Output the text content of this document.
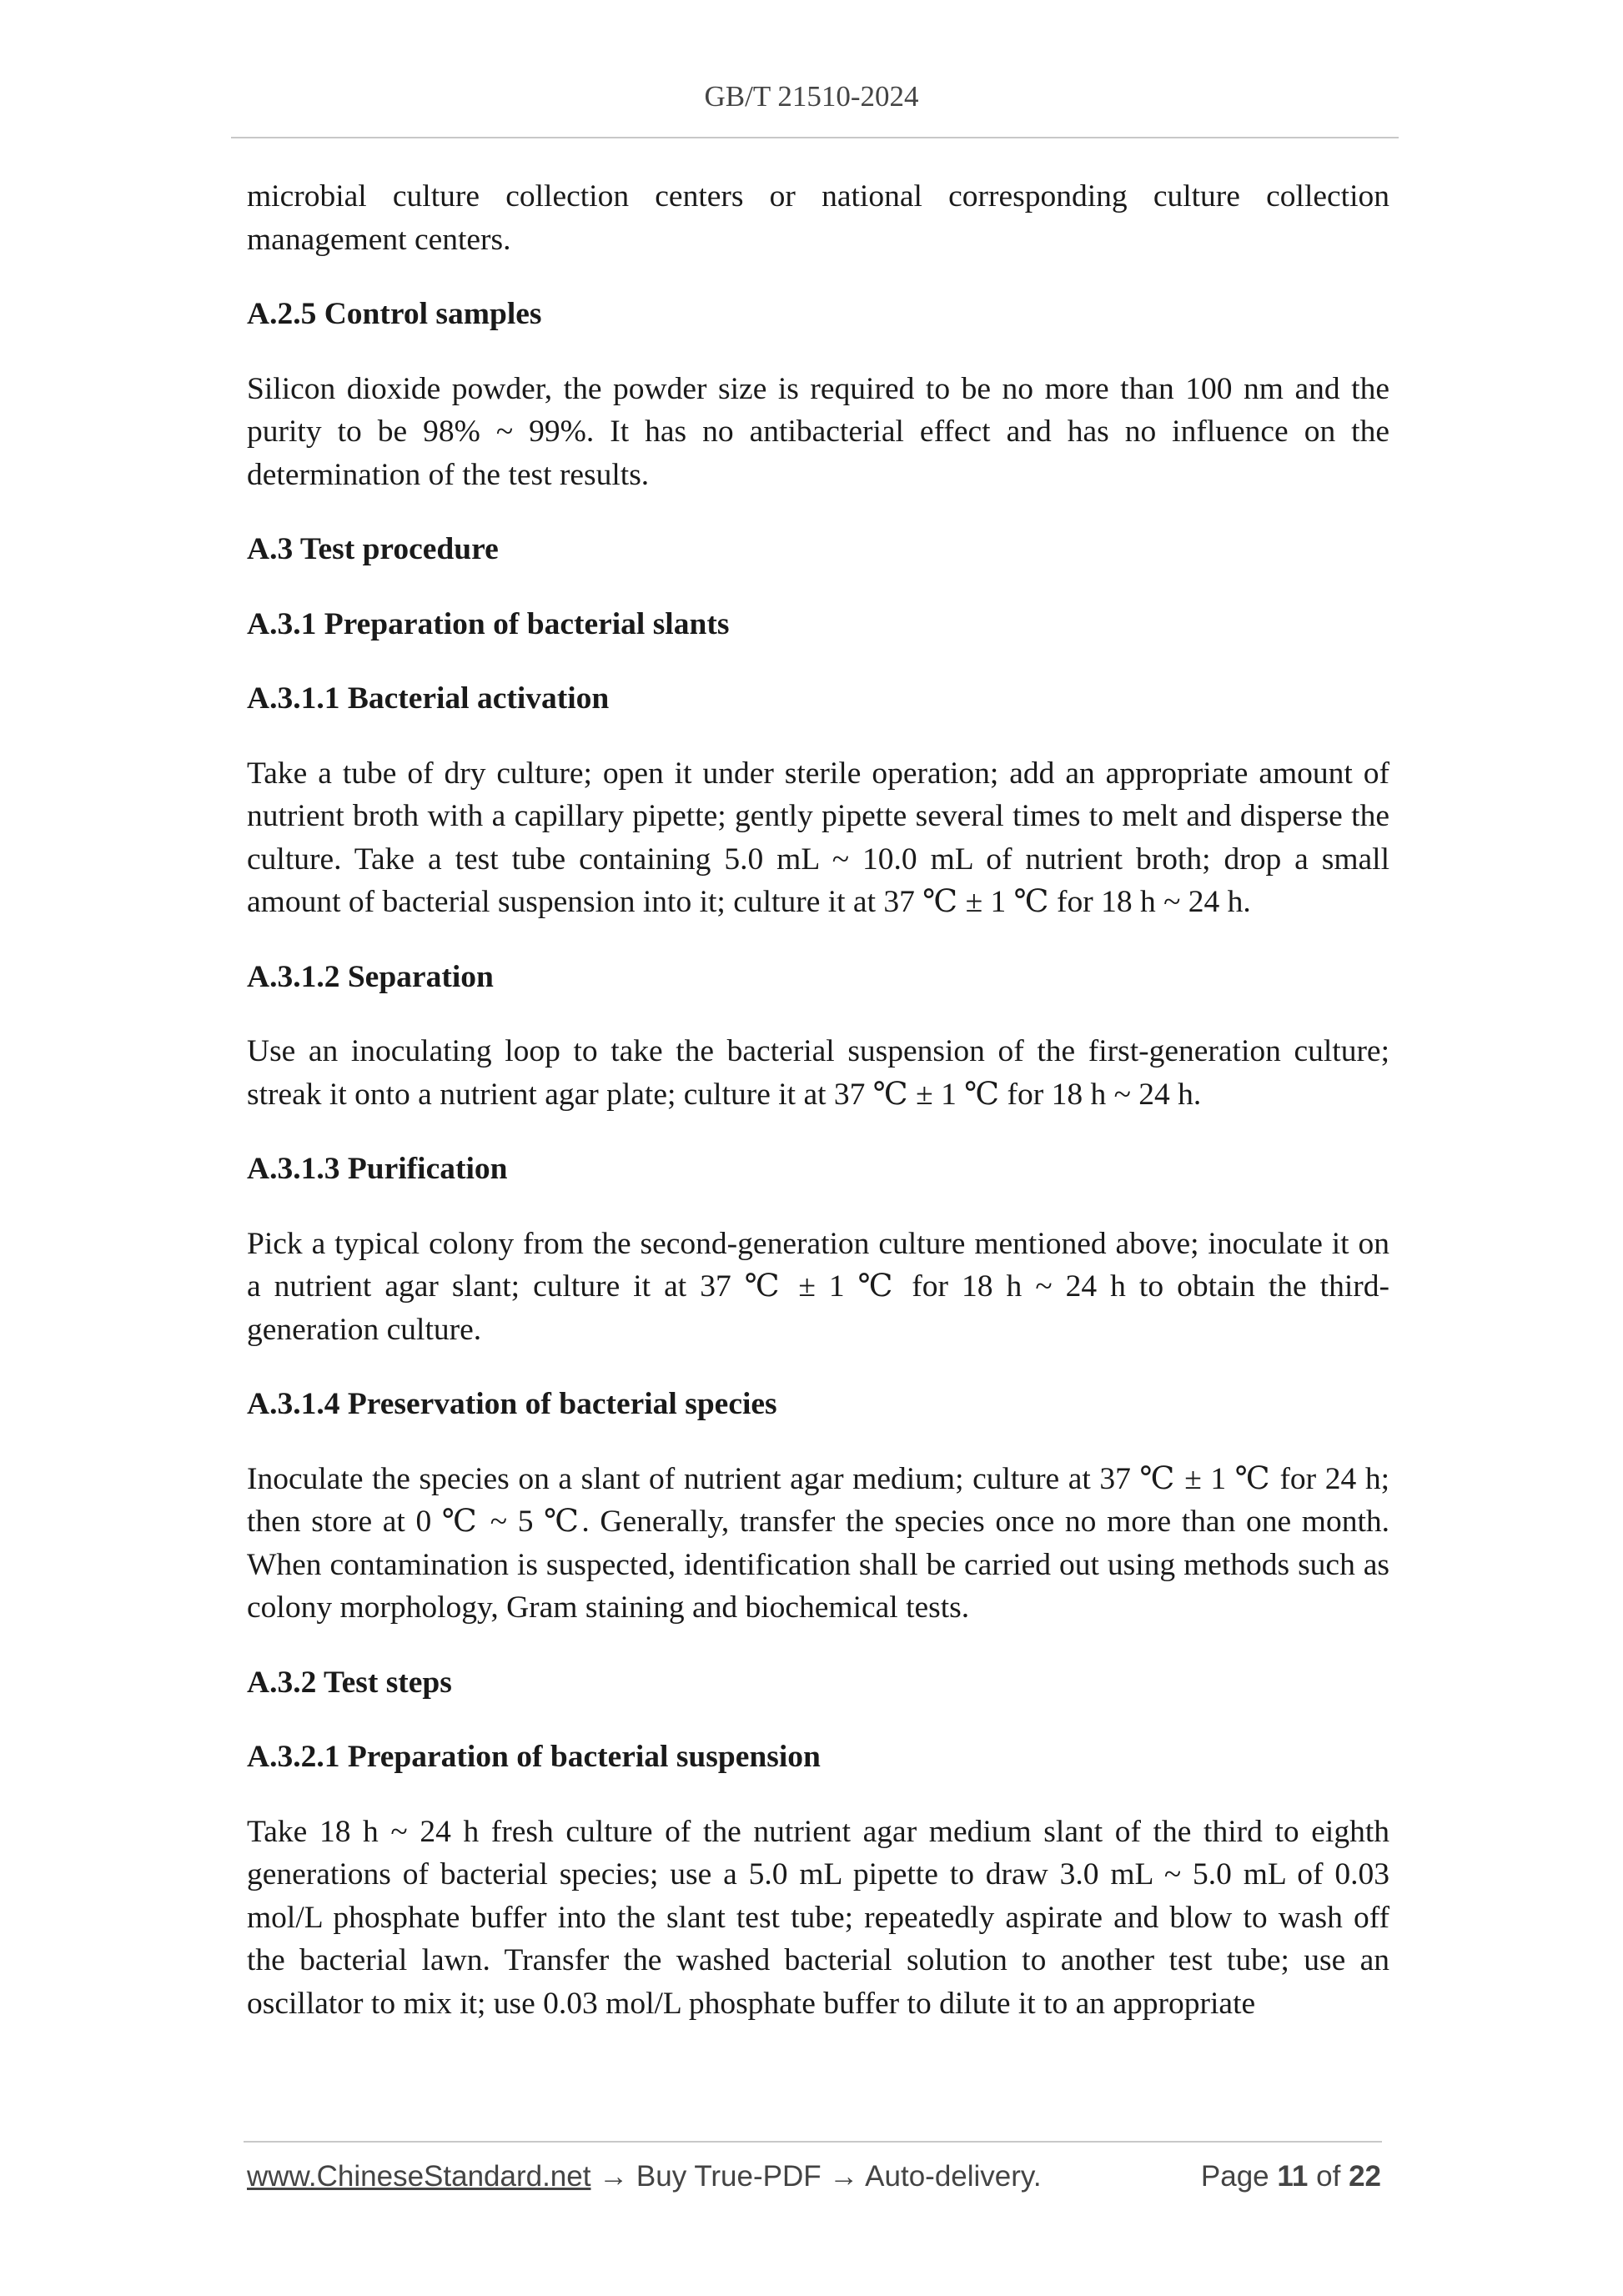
GB/T 21510-2024

microbial culture collection centers or national corresponding culture collection management centers.

A.2.5 Control samples

Silicon dioxide powder, the powder size is required to be no more than 100 nm and the purity to be 98% ~ 99%. It has no antibacterial effect and has no influence on the determination of the test results.

A.3 Test procedure
A.3.1 Preparation of bacterial slants
A.3.1.1 Bacterial activation

Take a tube of dry culture; open it under sterile operation; add an appropriate amount of nutrient broth with a capillary pipette; gently pipette several times to melt and disperse the culture. Take a test tube containing 5.0 mL ~ 10.0 mL of nutrient broth; drop a small amount of bacterial suspension into it; culture it at 37 ℃ ± 1 ℃ for 18 h ~ 24 h.

A.3.1.2 Separation

Use an inoculating loop to take the bacterial suspension of the first-generation culture; streak it onto a nutrient agar plate; culture it at 37 ℃ ± 1 ℃ for 18 h ~ 24 h.

A.3.1.3 Purification

Pick a typical colony from the second-generation culture mentioned above; inoculate it on a nutrient agar slant; culture it at 37 ℃ ± 1 ℃ for 18 h ~ 24 h to obtain the third-generation culture.

A.3.1.4 Preservation of bacterial species

Inoculate the species on a slant of nutrient agar medium; culture at 37 ℃ ± 1 ℃ for 24 h; then store at 0 ℃ ~ 5 ℃. Generally, transfer the species once no more than one month. When contamination is suspected, identification shall be carried out using methods such as colony morphology, Gram staining and biochemical tests.

A.3.2 Test steps
A.3.2.1 Preparation of bacterial suspension

Take 18 h ~ 24 h fresh culture of the nutrient agar medium slant of the third to eighth generations of bacterial species; use a 5.0 mL pipette to draw 3.0 mL ~ 5.0 mL of 0.03 mol/L phosphate buffer into the slant test tube; repeatedly aspirate and blow to wash off the bacterial lawn. Transfer the washed bacterial solution to another test tube; use an oscillator to mix it; use 0.03 mol/L phosphate buffer to dilute it to an appropriate

www.ChineseStandard.net → Buy True-PDF → Auto-delivery.	Page 11 of 22
